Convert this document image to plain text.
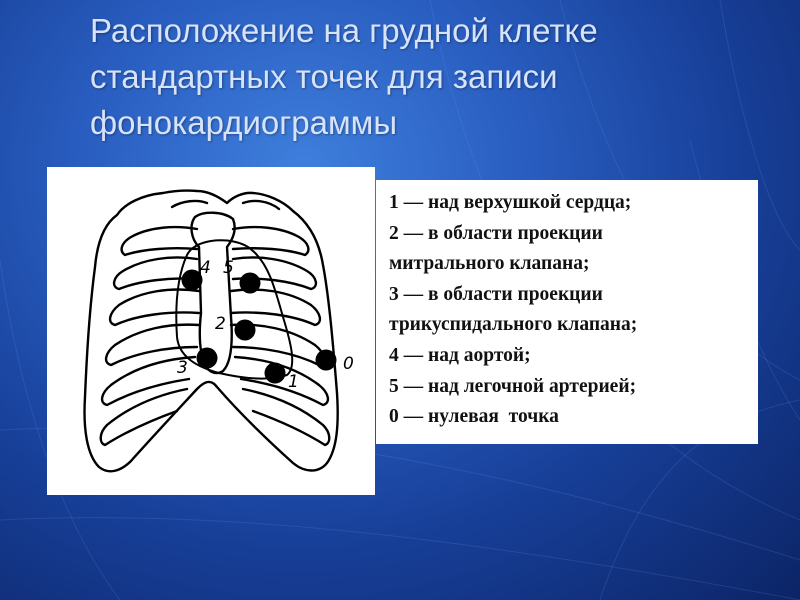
Расположение на грудной клетке
стандартных точек для записи
фонокардиограммы
4 5
2
3
1
0
1 — над верхушкой сердца;
2 — в области проекции
митрального клапана;
3 — в области проекции
трикуспидального клапана;
4 — над аортой;
5 — над легочной артерией;
0 — нулевая  точка
